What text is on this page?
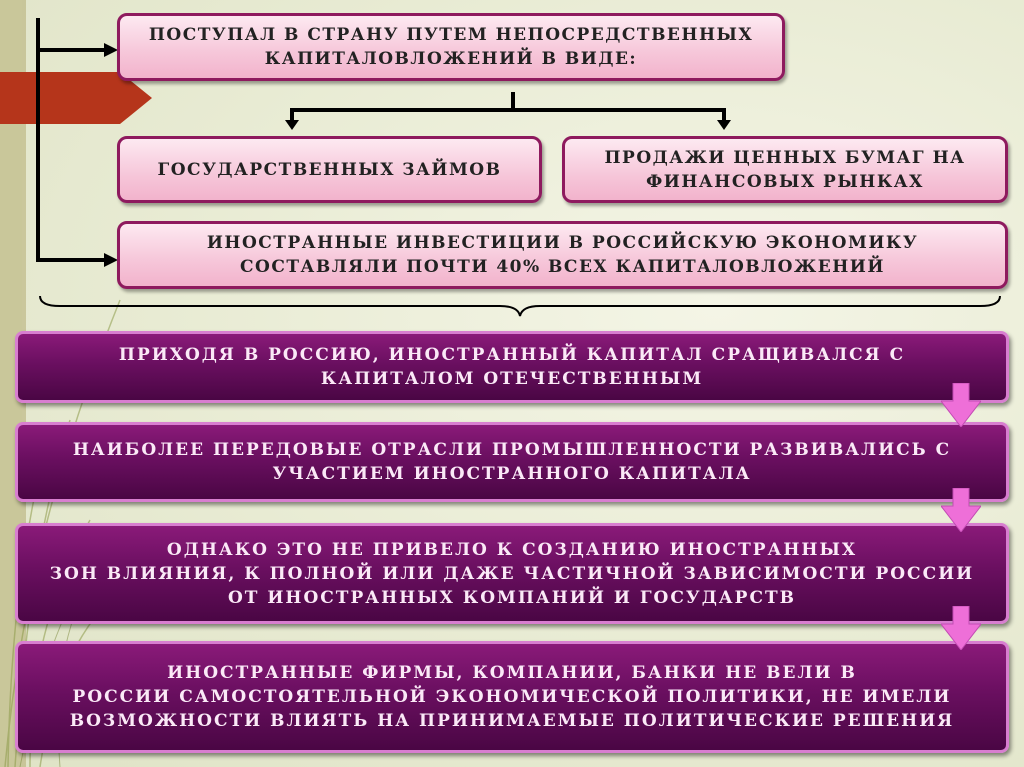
ПОСТУПАЛ В СТРАНУ ПУТЕМ НЕПОСРЕДСТВЕННЫХ
КАПИТАЛОВЛОЖЕНИЙ В ВИДЕ:
ГОСУДАРСТВЕННЫХ ЗАЙМОВ
ПРОДАЖИ ЦЕННЫХ БУМАГ НА
ФИНАНСОВЫХ РЫНКАХ
ИНОСТРАННЫЕ ИНВЕСТИЦИИ В РОССИЙСКУЮ ЭКОНОМИКУ
СОСТАВЛЯЛИ ПОЧТИ 40% ВСЕХ КАПИТАЛОВЛОЖЕНИЙ
ПРИХОДЯ В РОССИЮ, ИНОСТРАННЫЙ КАПИТАЛ СРАЩИВАЛСЯ С
КАПИТАЛОМ ОТЕЧЕСТВЕННЫМ
НАИБОЛЕЕ ПЕРЕДОВЫЕ ОТРАСЛИ ПРОМЫШЛЕННОСТИ РАЗВИВАЛИСЬ С
УЧАСТИЕМ ИНОСТРАННОГО КАПИТАЛА
ОДНАКО ЭТО НЕ ПРИВЕЛО К СОЗДАНИЮ ИНОСТРАННЫХ
ЗОН ВЛИЯНИЯ, К ПОЛНОЙ ИЛИ ДАЖЕ ЧАСТИЧНОЙ ЗАВИСИМОСТИ РОССИИ
ОТ ИНОСТРАННЫХ КОМПАНИЙ И ГОСУДАРСТВ
ИНОСТРАННЫЕ ФИРМЫ, КОМПАНИИ, БАНКИ НЕ ВЕЛИ В
РОССИИ САМОСТОЯТЕЛЬНОЙ ЭКОНОМИЧЕСКОЙ ПОЛИТИКИ, НЕ ИМЕЛИ
ВОЗМОЖНОСТИ ВЛИЯТЬ НА ПРИНИМАЕМЫЕ ПОЛИТИЧЕСКИЕ РЕШЕНИЯ
